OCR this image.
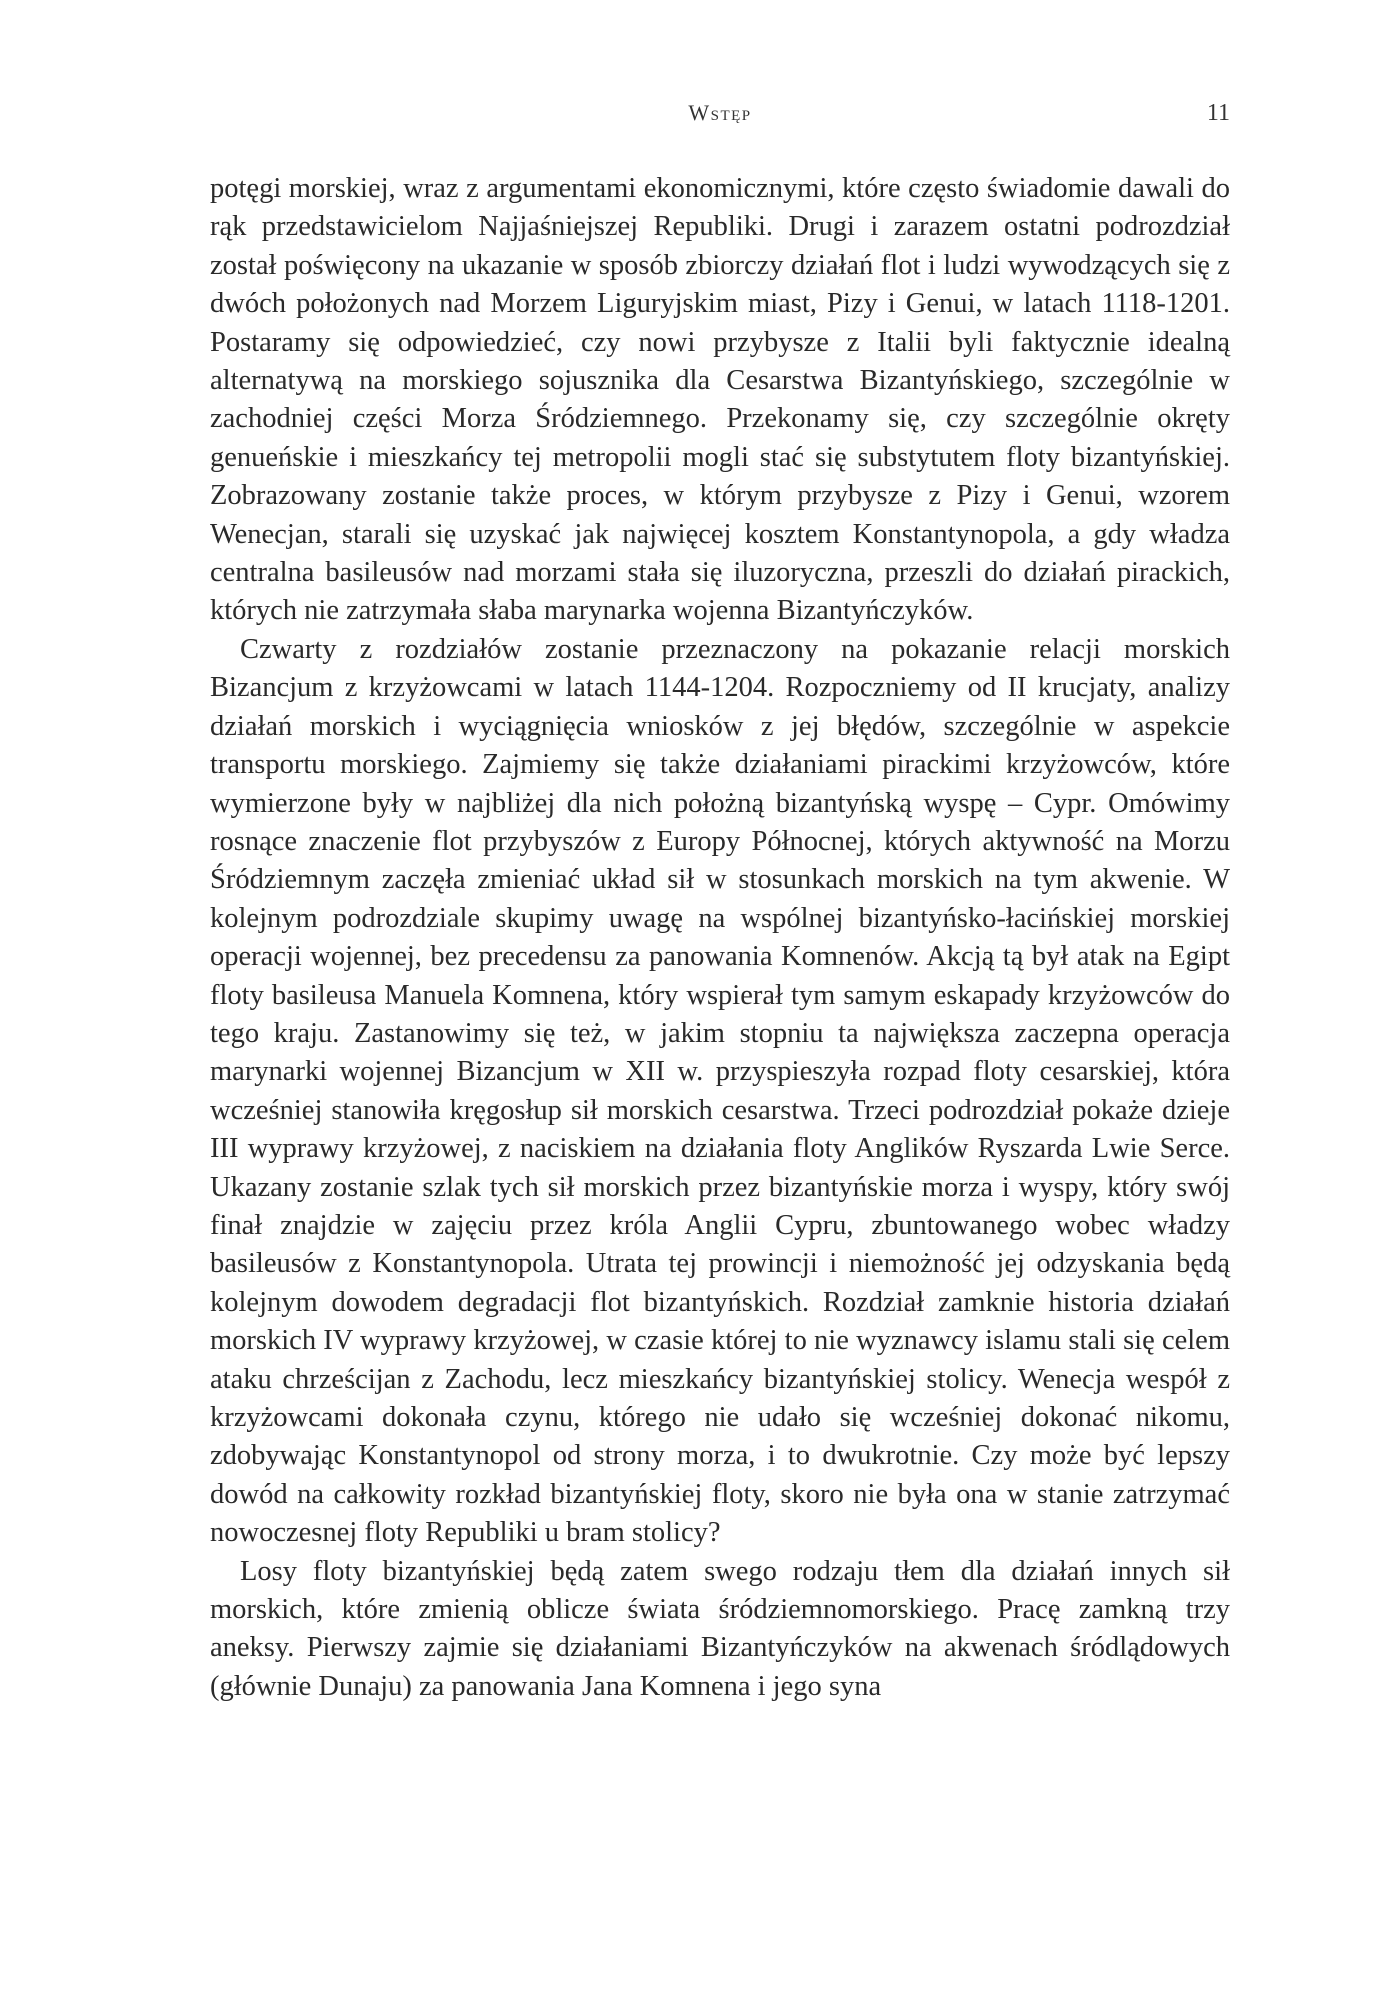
Wstęp	11

potęgi morskiej, wraz z argumentami ekonomicznymi, które często świadomie dawali do rąk przedstawicielom Najjaśniejszej Republiki. Drugi i zarazem ostatni podrozdział został poświęcony na ukazanie w sposób zbiorczy działań flot i ludzi wywodzących się z dwóch położonych nad Morzem Liguryjskim miast, Pizy i Genui, w latach 1118-1201. Postaramy się odpowiedzieć, czy nowi przybysze z Italii byli faktycznie idealną alternatywą na morskiego sojusznika dla Cesarstwa Bizantyńskiego, szczególnie w zachodniej części Morza Śródziemnego. Przekonamy się, czy szczególnie okręty genueńskie i mieszkańcy tej metropolii mogli stać się substytutem floty bizantyńskiej. Zobrazowany zostanie także proces, w którym przybysze z Pizy i Genui, wzorem Wenecjan, starali się uzyskać jak najwięcej kosztem Konstantynopola, a gdy władza centralna basileusów nad morzami stała się iluzoryczna, przeszli do działań pirackich, których nie zatrzymała słaba marynarka wojenna Bizantyńczyków.

Czwarty z rozdziałów zostanie przeznaczony na pokazanie relacji morskich Bizancjum z krzyżowcami w latach 1144-1204. Rozpoczniemy od II krucjaty, analizy działań morskich i wyciągnięcia wniosków z jej błędów, szczególnie w aspekcie transportu morskiego. Zajmiemy się także działaniami pirackimi krzyżowców, które wymierzone były w najbliżej dla nich położną bizantyńską wyspę – Cypr. Omówimy rosnące znaczenie flot przybyszów z Europy Północnej, których aktywność na Morzu Śródziemnym zaczęła zmieniać układ sił w stosunkach morskich na tym akwenie. W kolejnym podrozdziale skupimy uwagę na wspólnej bizantyńsko-łacińskiej morskiej operacji wojennej, bez precedensu za panowania Komnenów. Akcją tą był atak na Egipt floty basileusa Manuela Komnena, który wspierał tym samym eskapady krzyżowców do tego kraju. Zastanowimy się też, w jakim stopniu ta największa zaczepna operacja marynarki wojennej Bizancjum w XII w. przyspieszyła rozpad floty cesarskiej, która wcześniej stanowiła kręgosłup sił morskich cesarstwa. Trzeci podrozdział pokaże dzieje III wyprawy krzyżowej, z naciskiem na działania floty Anglików Ryszarda Lwie Serce. Ukazany zostanie szlak tych sił morskich przez bizantyńskie morza i wyspy, który swój finał znajdzie w zajęciu przez króla Anglii Cypru, zbuntowanego wobec władzy basileusów z Konstantynopola. Utrata tej prowincji i niemożność jej odzyskania będą kolejnym dowodem degradacji flot bizantyńskich. Rozdział zamknie historia działań morskich IV wyprawy krzyżowej, w czasie której to nie wyznawcy islamu stali się celem ataku chrześcijan z Zachodu, lecz mieszkańcy bizantyńskiej stolicy. Wenecja wespół z krzyżowcami dokonała czynu, którego nie udało się wcześniej dokonać nikomu, zdobywając Konstantynopol od strony morza, i to dwukrotnie. Czy może być lepszy dowód na całkowity rozkład bizantyńskiej floty, skoro nie była ona w stanie zatrzymać nowoczesnej floty Republiki u bram stolicy?

Losy floty bizantyńskiej będą zatem swego rodzaju tłem dla działań innych sił morskich, które zmienią oblicze świata śródziemnomorskiego. Pracę zamkną trzy aneksy. Pierwszy zajmie się działaniami Bizantyńczyków na akwenach śródlądowych (głównie Dunaju) za panowania Jana Komnena i jego syna
